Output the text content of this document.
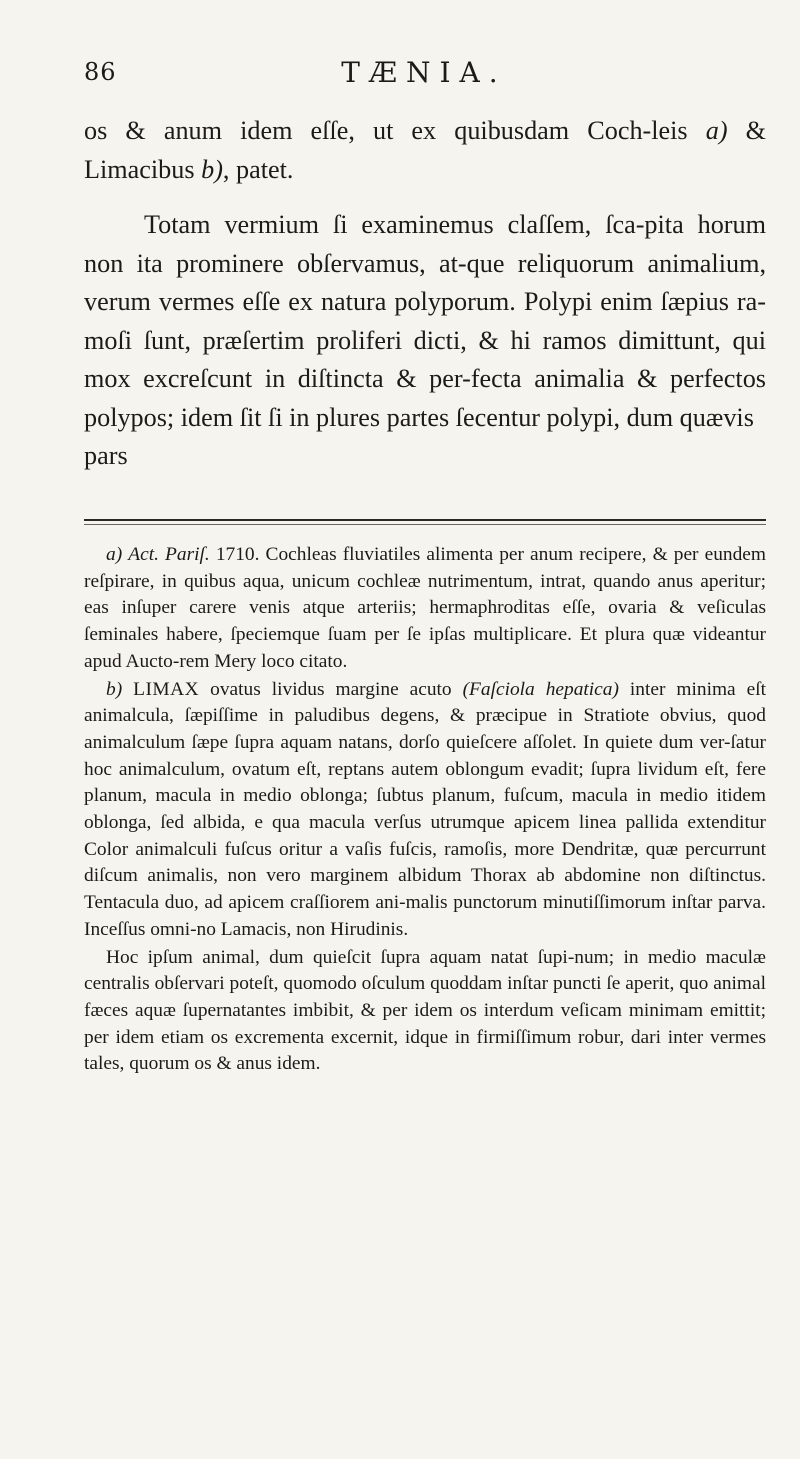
86	TÆNIA.

os & anum idem eſſe, ut ex quibusdam Coch-leis a) & Limacibus b), patet.

Totam vermium ſi examinemus claſſem, ſca-pita horum non ita prominere obſervamus, at-que reliquorum animalium, verum vermes eſſe ex natura polyporum. Polypi enim ſæpius ra-moſi ſunt, præſertim proliferi dicti, & hi ramos dimittunt, qui mox excreſcunt in diſtincta & per-fecta animalia & perfectos polypos; idem ſit ſi in plures partes ſecentur polypi, dum quævis

pars

a) Act. Pariſ. 1710. Cochleas fluviatiles alimenta per anum recipere, & per eundem reſpirare, in quibus aqua, unicum cochleæ nutrimentum, intrat, quando anus aperitur; eas inſuper carere venis atque arteriis; hermaphroditas eſſe, ovaria & veſiculas ſeminales habere, ſpeciemque ſuam per ſe ipſas multiplicare. Et plura quæ videantur apud Aucto-rem Mery loco citato.

b) LIMAX ovatus lividus margine acuto (Faſciola hepatica) inter minima eſt animalcula, ſæpiſſime in paludibus degens, & præcipue in Stratiote obvius, quod animalculum ſæpe ſupra aquam natans, dorſo quieſcere aſſolet. In quiete dum ver-ſatur hoc animalculum, ovatum eſt, reptans autem oblongum evadit; ſupra lividum eſt, fere planum, macula in medio oblonga; ſubtus planum, fuſcum, macula in medio itidem oblonga, ſed albida, e qua macula verſus utrumque apicem linea pallida extenditur Color animalculi fuſcus oritur a vaſis fuſcis, ramoſis, more Dendritæ, quæ percurrunt diſcum animalis, non vero marginem albidum Thorax ab abdomine non diſtinctus. Tentacula duo, ad apicem craſſiorem ani-malis punctorum minutiſſimorum inſtar parva. Inceſſus omni-no Lamacis, non Hirudinis.

Hoc ipſum animal, dum quieſcit ſupra aquam natat ſupi-num; in medio maculæ centralis obſervari poteſt, quomodo oſculum quoddam inſtar puncti ſe aperit, quo animal fæces aquæ ſupernatantes imbibit, & per idem os interdum veſicam minimam emittit; per idem etiam os excrementa excernit, idque in firmiſſimum robur, dari inter vermes tales, quorum os & anus idem.
